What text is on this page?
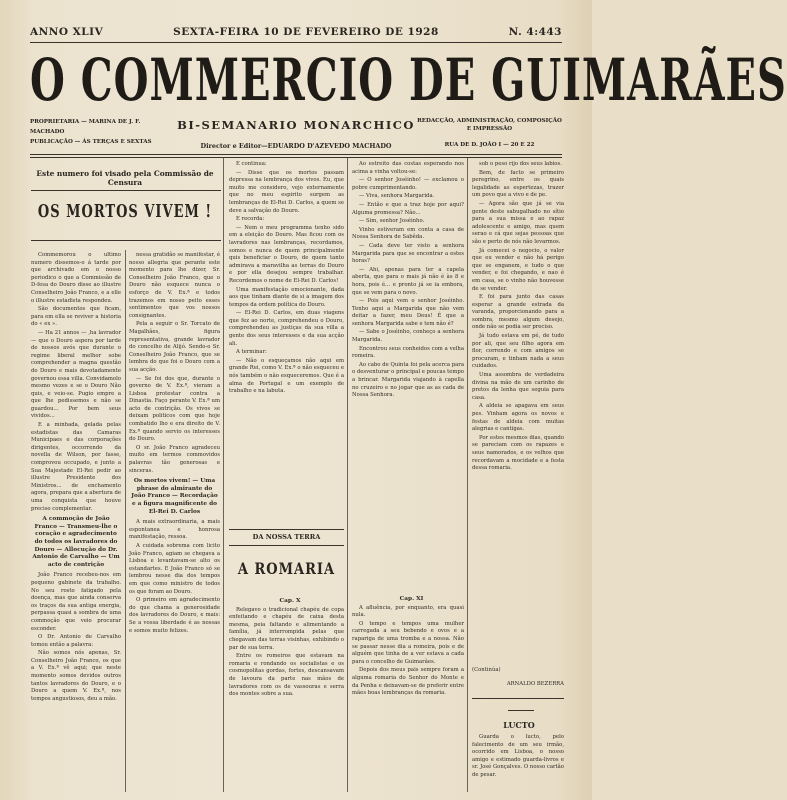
ANNO XLIV	SEXTA-FEIRA 10 DE FEVEREIRO DE 1928	N. 4:443
O COMMERCIO DE GUIMARÃES
PROPRIETARIA — MARINA DE J. F. MACHADO
PUBLICAÇÃO — ÁS TERÇAS E SEXTAS
BI-SEMANARIO MONARCHICO REDACÇÃO, ADMINISTRAÇÃO, COMPOSIÇÃO E IMPRESSÃO
Director e Editor—EDUARDO D'AZEVEDO MACHADO	RUA DE D. JOÃO I — 20 E 22
Este numero foi visado pela Commissão de Censura
OS MORTOS VIVEM !

Commemorou o ultimo numero dissemos-o á tarde por que archivado em o nosso periodico o que a Commissão de D-fesa do Douro disse ao illustre Conselheiro João Franco, e a elle o illustre estadista respondeu.

São documentos que ficam, para em ella se reviver a historia do « ex ».

— Ha 21 annos — ,ha lavrador — que o Douro aspera por tarde de nossos avós que durante o regime liberal melhor sobe comprehender a magna questão do Douro e mais devotadamente governou essa villa. Convidamolo mesmo vezes e se o Douro Não quis, e veio-se. Pugio empre a que lhe pedissemos e não se guardou... Por bem seus vividos...

E a minhada, gelada pelas estadistas das Camaras Municipaes e das corporações dirigentes, occorrendo da novella de Wilson, por fasse, comprovou occupado, e junto a Sua Majestade El-Rei pedir ao illustre Presidente dos Ministros... de enchamento agora, prepara que a abertura de uma conquista que houve preciso complementar.

A commoção de João Franco — Transmeu-lhe o coração e agradecimento do todos os lavradores do Douro — Allocução do Dr. Antonio de Carvalho — Um acto de contrição

João Franco recebeu-nos em pequeno gabinete da trabalho. No seu rosto fatigado pela doença, mas que ainda conserva os traços da sua antiga energia, perpassa quasi a sombra de uma commoção que veio procurar esconder.

O Dr. Antonio de Carvalho tomou então a palavra:

Não somos nós apenas, Sr. Conselheiro João Franco, os que a V. Ex.ª vê aqui; que neste momento somos devidos outros tantos lavradores do Douro, e o Douro a quem V. Ex.ª, nos tempos angustiosos, deu a mão.

nessa gratidão se manifestar, é nosso allegria que perante este momento para lhe dizer, Sr. Conselheiro João Franco, que o Douro não esquece nunca o esforço de V. Ex.ª e todos trazemos em nosso peito esses sentimentos que vos nossos consignantes.

Pela a seguir o Sr. Torcato de Magalhães, figura representativa, grande lavrador do concelho de Alijó. Sendo-o Sr. Conselheiro João Franco, que se lembra do que foi o Douro com a sua acção.

— Se foi dos que, durante o governo de V. Ex.ª, vieram a Lisboa protestar contra a Dinastia. Faço perante V. Ex.ª um acto de contrição. Os vivos se deixam politicos com que hoje combatido lho e era direito de V. Ex.ª quando servio os interesses do Douro.

O sr. João Franco agradeceu muito em termos commovidos palavras tão generosas e sinceras.

Os mortos vivem! — Uma phrase do almirante do João Franco — Recordação e a figura magnificente do El-Rei D. Carlos

A mais extraordinaria, a mais espontanea e honrosa manifestação, ressoa.

A cuidada sobrema com licito João Franco, agiam se chegava a Lisboa e levantavam-se alto os estandartes. E João Franco só se lembrou nesse dia dos tempos em que como ministro de todos os que foram ao Douro.

O primeiro em agradecimento do que chama a generosidade dos lavradores do Douro, e mais: Se a vossa liberdade é as nossas e somos muito felizes.

E continua:

— Disse que os mortos passam depressa na lembrança dos vivos. Eu, que muito me considero, vejo externamente que no meu espirito surgem as lembranças de El-Rei D. Carlos, a quem se deve a salvação do Douro.

E recorda:

— Nem o meu programma tenho sido em a eleição do Douro. Mas ficou com os lavradores nas lembranças, recordamos, somos e nunca de quem principalmente quis beneficiar o Douro, de quem tanto admirava a maravilha as terras do Douro e por ella desejou sempre trabalhar. Recordemos o nome de El-Rei D. Carlos!

Uma manifestação emocionante, dada aos que tinham diante de si a imagem dos tempos da ordem política do Douro.

— El-Rei D. Carlos, em duas viagens que fez ao norte, comprehendeu o Douro, comprehendeu as justiças da sua villa a gente dos seus interesses e da sua acção ali.

A terminar:

— Não o esqueçamos não aqui em grande Rei, como V. Ex.ª o não esqueceu e nós também o não esqueceremos. Que é a alma de Portugal e um exemplo de trabalho e na labuta.

DA NOSSA TERRA
A ROMARIA

Cap. X

Relegavo o tradicional chapéu de copa enfeitando e chapéu de caixa desta mesma, peia faltando e alimentando a família, já interrompida pelas que chegavam das terras visinhas, exhibindo o par de sua terra.

Entre os romeiros que estavam na romaria e rondando os socialistas e os cosmopolitas gordas, fortes, descansavam de lavoura da parte nas mãos de lavradores com os de vassouras e serra dos montes sobre a sua.

Ao estreito das costas esperando nos acima a vinha voltou-se:

— O senhor Joséinho! — exclamou o pobre cumprimentando.

— Viva, senhora Margarida.

— Então e que a traz hoje por aqui? Alguma promessa? Não...

— Sim, senhor Joséinho.

Vinho estiveram em conta a casa de Nossa Senhora de Sabêda.

— Cada deve ter visto a senhora Margarida para que se encontrar a estes horas?

— Ahi, apenas para ter a capela aberta, que para o mais já não é às 8 e hora, pois é... e pronto já se ia embora, que se vem para o novo.

— Pois aqui vem o senhor Joséinho. Tenho aqui a Margarida que não vem deitar a fazer, meu Deus! É que a senhora Margarida sabe e tem não é?

— Sabe o Joséinho, conheço a senhora Margarida.

Encontrou seus conheidos com a velha romeira.

Ao cabo de Quinta foi pela acerca para o desventurar o principal e poucas tempo a brincar. Margarida viajando à capella no cruzeiro e no jogar que as as cada de Nossa Senhora.

Cap. XI

A afluência, por enquanto, era quasi nula.

O tempo e tempos uma mulher carregada a seu bebendo e ovos e a rapariga de uma tromba e a nossa. Não se passar nesse dia a romeira, pois e de alguém que tinha de a ver estava a cada para o concelho de Guimarães.

Depois dos meus pais sempre foram a alguma romaria do Senhor do Monte e da Penha e deixavam-se de preferir entre mães boas lembranças da romaria.

sob o peso rijo dos seus labios.

Bem, de facto se primeiro peregrino, entre os quais legalidade as espertezas, trazer um povo que a vivo e de pe.

— Agora são que já se via gente deste sabugalhado no sítio para a sua missa e ao rapaz adolescente e amigo, mas quem serao e cá que sejas pessoas que são e perto de nós não levarmos.

Já comecei o negocio, o valor que eu vender e não há perigo que se enganem, e tudo o que vender, e foi chegando, e nao é em casa, se o vinho não houvesse de se vender.

E foi para junto das casas esperar a grande estrada da varanda, proporcionando para a sombra, mesmo algum desejo, onde não se podia ser preciso.

Já tudo estava em pé, de tudo por ali, que seu filho agora em flor, correndo e com amigos se procuram, e tinham nada a seus cuidados.

Uma assombra de verdadeira divina na mão de um carinho de pretos da lenha que seguia para casa.

A aldeia se apagava em seus pes. Vinham agora os novos e festas de aldeia com muitas alegrias e cantigas.

Por estes mesmos dias, quando se pareciam com os rapazes e seus namorados, e os velhos que recordavam a mocidade e a festa dessa romaria.

(Continúa)
ARNALDO BEZERRA
LUCTO

Guarda o lucto, pelo falecimento de um seu irmão, ocorrido em Lisboa, o nosso amigo e estimado guarda-livros e sr. José Gonçalves. O nosso cartão de pesar.
